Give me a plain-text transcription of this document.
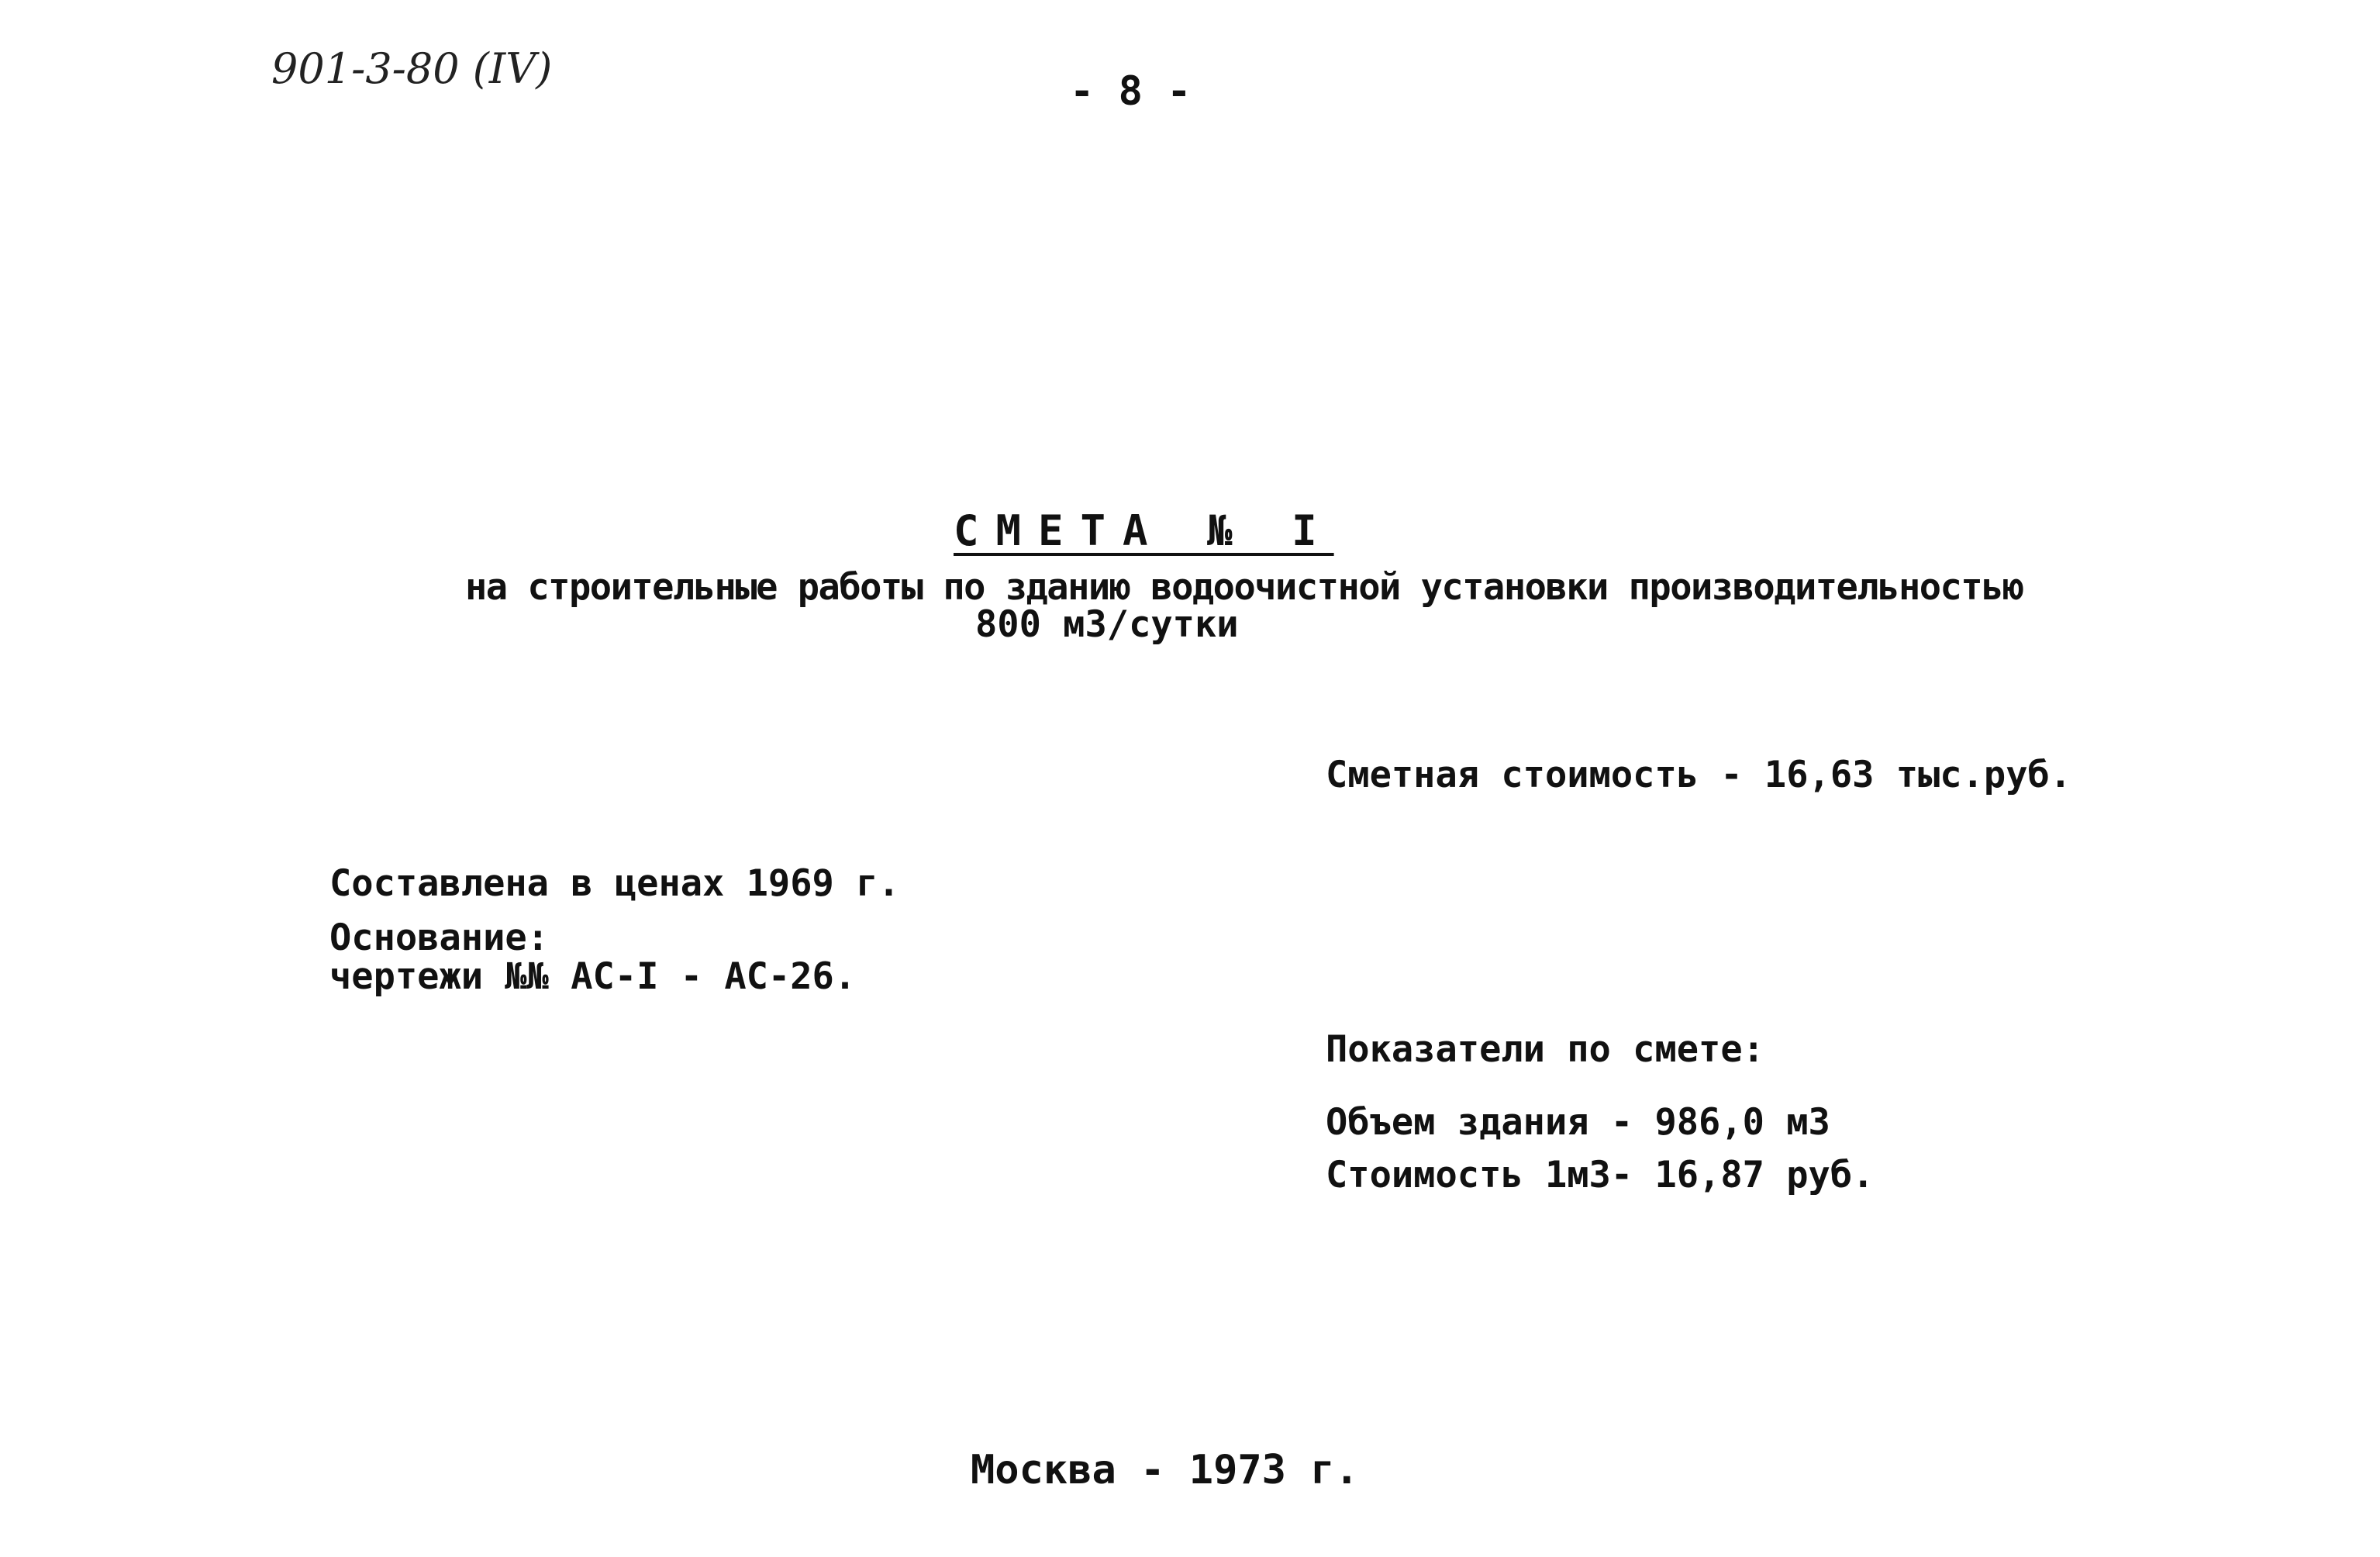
901-3-80 (IV)	- 8 -
СМЕТА № I
на строительные работы по зданию водоочистной установки производительностью
800 м3/сутки
Сметная стоимость - 16,63 тыс.руб.
Составлена в ценах 1969 г.
Основание:
чертежи №№ АС-I - АС-26.
Показатели по смете:
Объем здания - 986,0 м3
Стоимость 1м3- 16,87 руб.
Москва - 1973 г.
